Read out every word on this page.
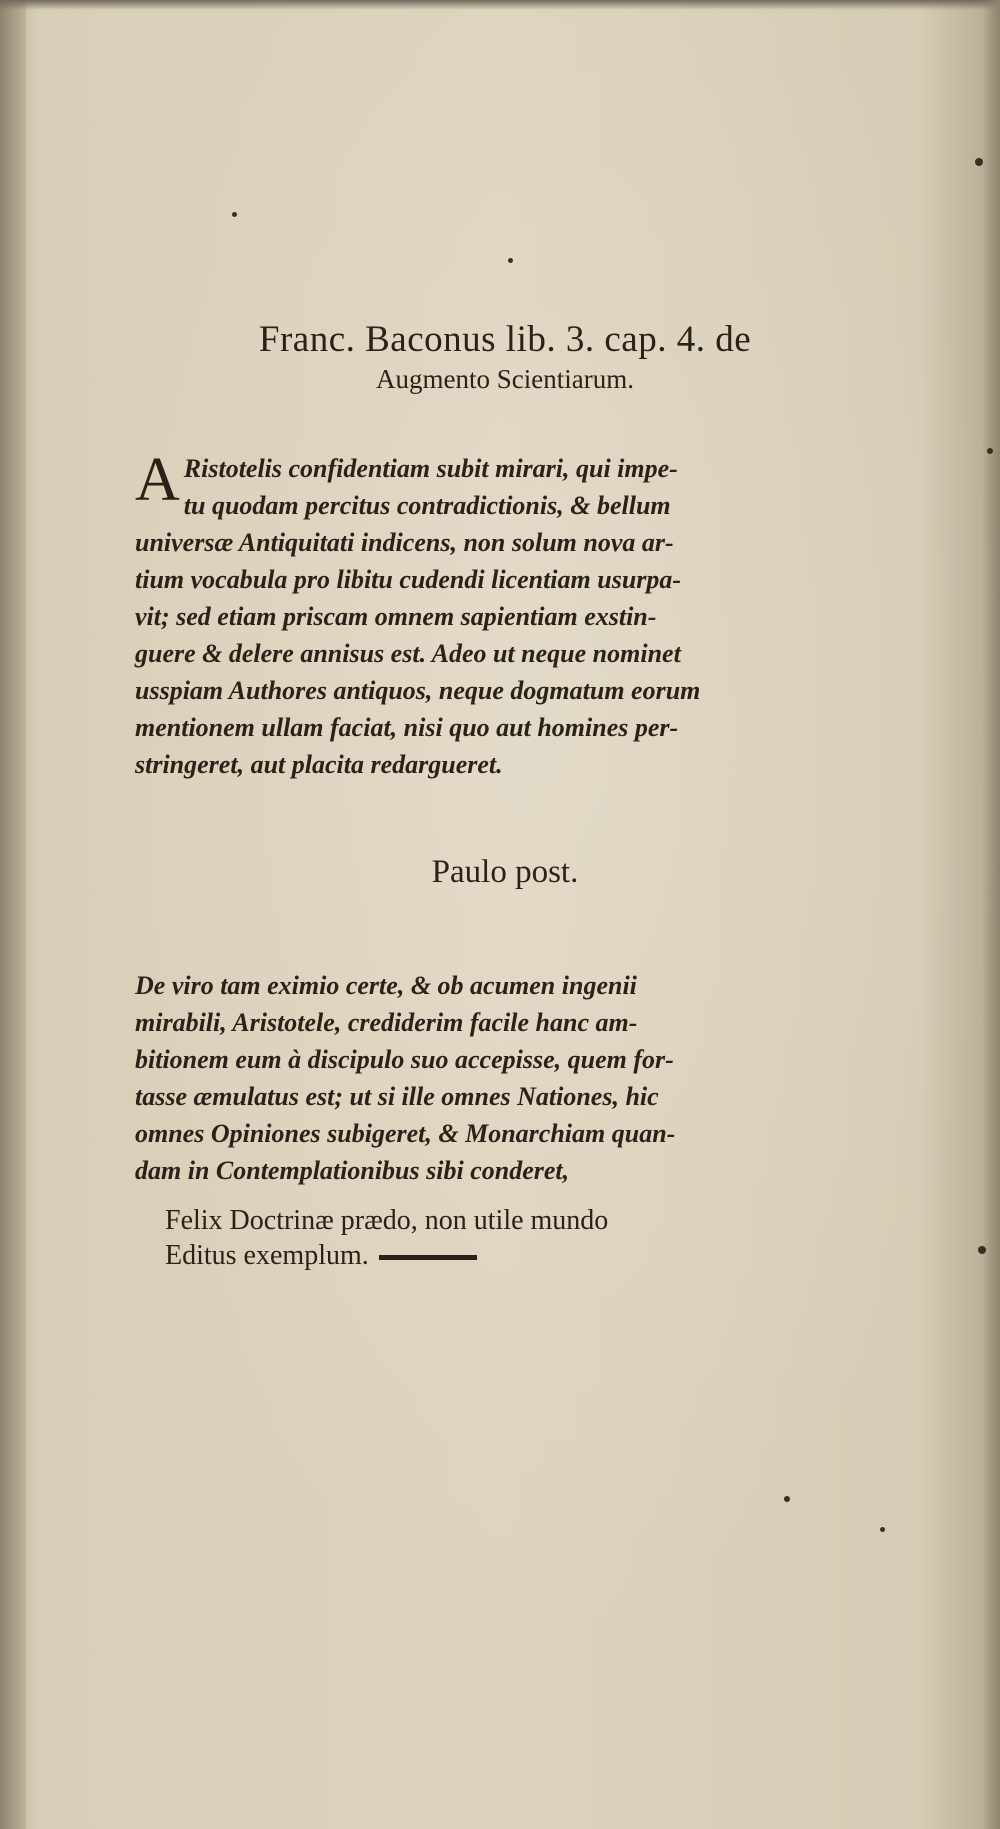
Franc. Baconus lib. 3. cap. 4. de
Augmento Scientiarum.
A Ristotelis confidentiam subit mirari, qui impe-
tu quodam percitus contradictionis, & bellum
universæ Antiquitati indicens, non solum nova ar-
tium vocabula pro libitu cudendi licentiam usurpa-
vit; sed etiam priscam omnem sapientiam exstin-
guere & delere annisus est. Adeo ut neque nominet
usspiam Authores antiquos, neque dogmatum eorum
mentionem ullam faciat, nisi quo aut homines per-
stringeret, aut placita redargueret.
Paulo post.
De viro tam eximio certe, & ob acumen ingenii
mirabili, Aristotele, crediderim facile hanc am-
bitionem eum à discipulo suo accepisse, quem for-
tasse æmulatus est; ut si ille omnes Nationes, hic
omnes Opiniones subigeret, & Monarchiam quan-
dam in Contemplationibus sibi conderet,
Felix Doctrinæ prædo, non utile mundo
Editus exemplum.
